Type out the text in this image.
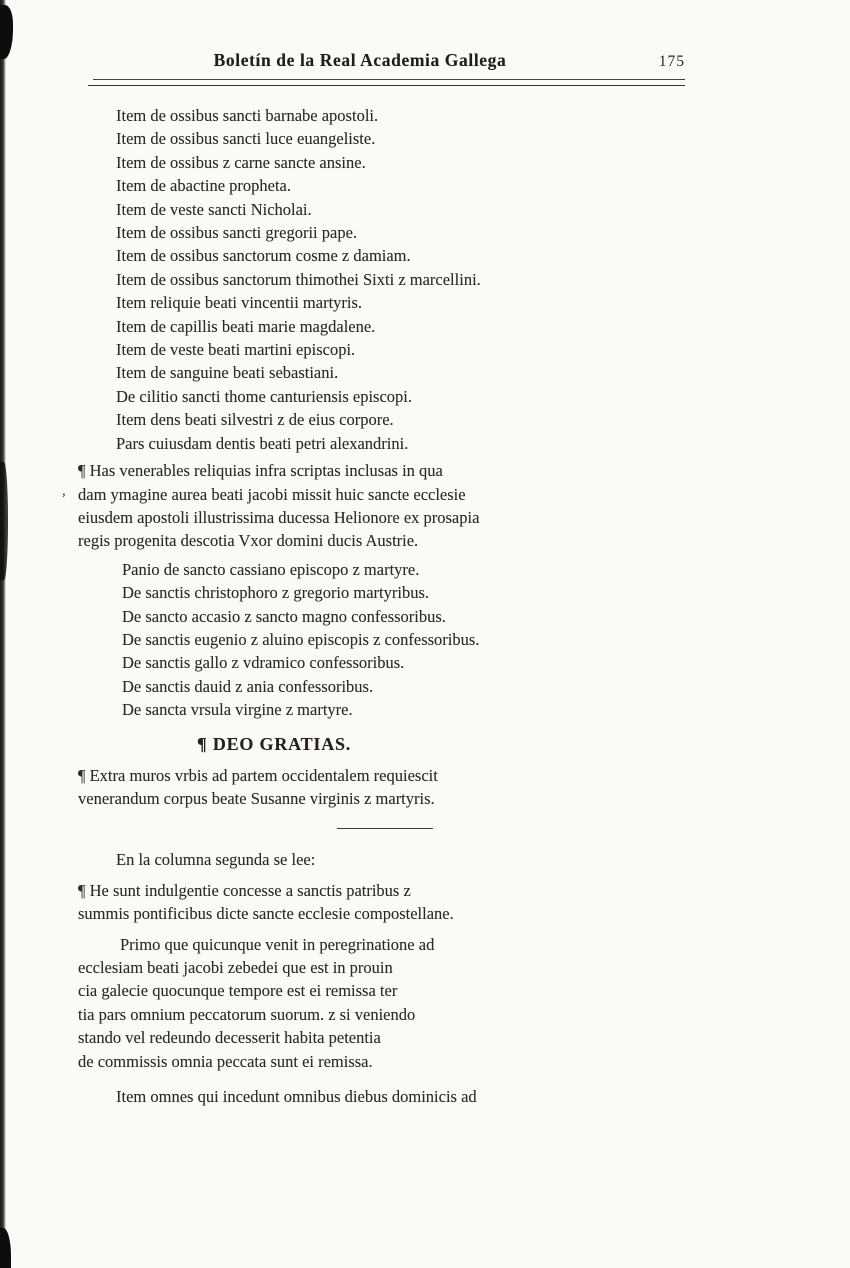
,
Boletín de la Real Academia Gallega	175
Item de ossibus sancti barnabe apostoli.
Item de ossibus sancti luce euangeliste.
Item de ossibus z carne sancte ansine.
Item de abactine propheta.
Item de veste sancti Nicholai.
Item de ossibus sancti gregorii pape.
Item de ossibus sanctorum cosme z damiam.
Item de ossibus sanctorum thimothei Sixti z marcellini.
Item reliquie beati vincentii martyris.
Item de capillis beati marie magdalene.
Item de veste beati martini episcopi.
Item de sanguine beati sebastiani.
De cilitio sancti thome canturiensis episcopi.
Item dens beati silvestri z de eius corpore.
Pars cuiusdam dentis beati petri alexandrini.
¶ Has venerables reliquias infra scriptas inclusas in qua
dam ymagine aurea beati jacobi missit huic sancte ecclesie
eiusdem apostoli illustrissima ducessa Helionore ex prosapia
regis progenita descotia Vxor domini ducis Austrie.
Panio de sancto cassiano episcopo z martyre.
De sanctis christophoro z gregorio martyribus.
De sancto accasio z sancto magno confessoribus.
De sanctis eugenio z aluino episcopis z confessoribus.
De sanctis gallo z vdramico confessoribus.
De sanctis dauid z ania confessoribus.
De sancta vrsula virgine z martyre.
¶ DEO GRATIAS.
¶ Extra muros vrbis ad partem occidentalem requiescit
venerandum corpus beate Susanne virginis z martyris.
En la columna segunda se lee:
¶ He sunt indulgentie concesse a sanctis patribus z
summis pontificibus dicte sancte ecclesie compostellane.
Primo que quicunque venit in peregrinatione ad
ecclesiam beati jacobi zebedei que est in prouin
cia galecie quocunque tempore est ei remissa ter
tia pars omnium peccatorum suorum. z si veniendo
stando vel redeundo decesserit habita petentia
de commissis omnia peccata sunt ei remissa.
Item omnes qui incedunt omnibus diebus dominicis ad
